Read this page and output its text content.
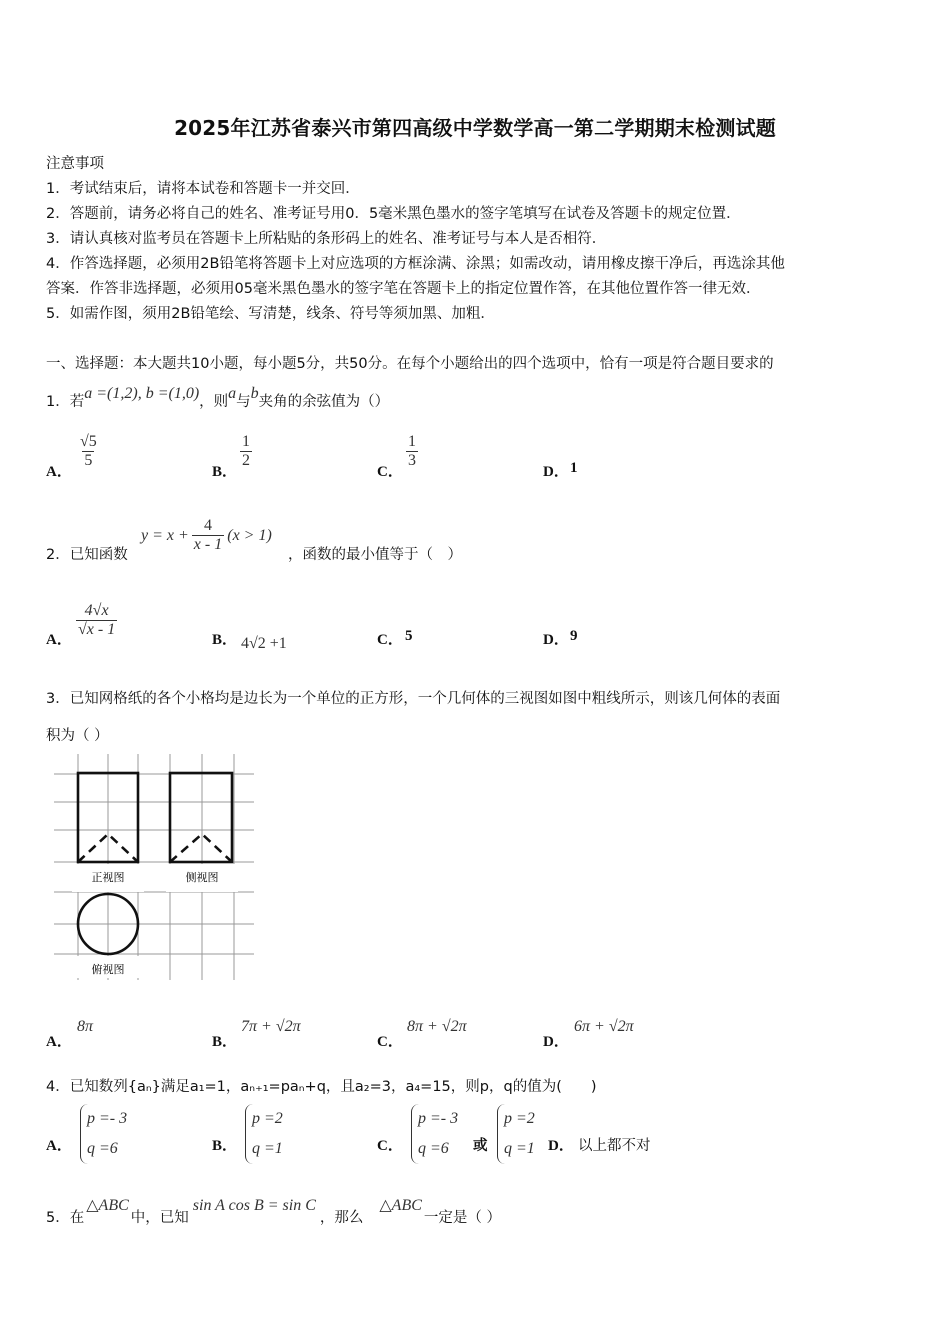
2025年江苏省泰兴市第四高级中学数学高一第二学期期末检测试题
注意事项
1．考试结束后，请将本试卷和答题卡一并交回．
2．答题前，请务必将自己的姓名、准考证号用0．5毫米黑色墨水的签字笔填写在试卷及答题卡的规定位置．
3．请认真核对监考员在答题卡上所粘贴的条形码上的姓名、准考证号与本人是否相符．
4．作答选择题，必须用2B铅笔将答题卡上对应选项的方框涂满、涂黑；如需改动，请用橡皮擦干净后，再选涂其他
答案．作答非选择题，必须用05毫米黑色墨水的签字笔在答题卡上的指定位置作答，在其他位置作答一律无效．
5．如需作图，须用2B铅笔绘、写清楚，线条、符号等须加黑、加粗．
一、选择题：本大题共10小题，每小题5分，共50分。在每个小题给出的四个选项中，恰有一项是符合题目要求的
1．若a =(1,2), b =(1,0)，则a与b夹角的余弦值为（）
A．
$\frac{√5}{5}$
B．
$\frac{1}{2}$
C．
$\frac{1}{3}$
D． 1
2．已知函数
$y = x + \frac{4}{x - 1} (x > 1)$
，函数的最小值等于（　）
A．
$\frac{4√x}{√x - 1}$
B． 4√2 +1	C． 5	D． 9
3．已知网格纸的各个小格均是边长为一个单位的正方形，一个几何体的三视图如图中粗线所示，则该几何体的表面
积为（ ）
正视图	侧视图
俯视图
A．
8π
B．
7π + √2π
C．
8π + √2π
D．
6π + √2π
4．已知数列{aₙ}满足a₁=1，aₙ₊₁=paₙ+q，且a₂=3，a₄=15，则p，q的值为(　　)
A．
p =- 3
q =6	B．
p =2
q =1	C．
p =- 3
q =6	或
p =2
q =1 D． 以上都不对
5．在△ABC中，已知sin A cos B = sin C，那么△ABC一定是（ ）
